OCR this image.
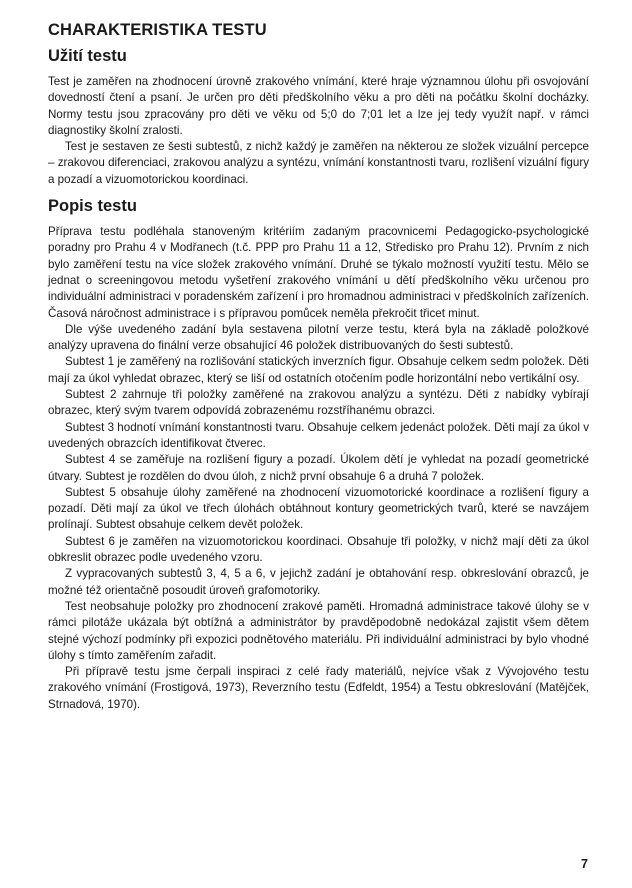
CHARAKTERISTIKA TESTU
Užití testu

Test je zaměřen na zhodnocení úrovně zrakového vnímání, které hraje významnou úlohu při osvojování dovedností čtení a psaní. Je určen pro děti předškolního věku a pro děti na počátku školní docházky. Normy testu jsou zpracovány pro děti ve věku od 5;0 do 7;01 let a lze jej tedy využít např. v rámci diagnostiky školní zralosti.

Test je sestaven ze šesti subtestů, z nichž každý je zaměřen na některou ze složek vizuální percepce – zrakovou diferenciaci, zrakovou analýzu a syntézu, vnímání konstantnosti tvaru, rozlišení vizuální figury a pozadí a vizuomotorickou koordinaci.

Popis testu

Příprava testu podléhala stanoveným kritériím zadaným pracovnicemi Pedagogicko-psychologické poradny pro Prahu 4 v Modřanech (t.č. PPP pro Prahu 11 a 12, Středisko pro Prahu 12). Prvním z nich bylo zaměření testu na více složek zrakového vnímání. Druhé se týkalo možností využití testu. Mělo se jednat o screeningovou metodu vyšetření zrakového vnímání u dětí předškolního věku určenou pro individuální administraci v poradenském zařízení i pro hromadnou administraci v předškolních zařízeních. Časová náročnost administrace i s přípravou pomůcek neměla překročit třicet minut.

Dle výše uvedeného zadání byla sestavena pilotní verze testu, která byla na základě položkové analýzy upravena do finální verze obsahující 46 položek distribuovaných do šesti subtestů.

Subtest 1 je zaměřený na rozlišování statických inverzních figur. Obsahuje celkem sedm položek. Děti mají za úkol vyhledat obrazec, který se liší od ostatních otočením podle horizontální nebo vertikální osy.

Subtest 2 zahrnuje tři položky zaměřené na zrakovou analýzu a syntézu. Děti z nabídky vybírají obrazec, který svým tvarem odpovídá zobrazenému rozstříhanému obrazci.

Subtest 3 hodnotí vnímání konstantnosti tvaru. Obsahuje celkem jedenáct položek. Děti mají za úkol v uvedených obrazcích identifikovat čtverec.

Subtest 4 se zaměřuje na rozlišení figury a pozadí. Úkolem dětí je vyhledat na pozadí geometrické útvary. Subtest je rozdělen do dvou úloh, z nichž první obsahuje 6 a druhá 7 položek.

Subtest 5 obsahuje úlohy zaměřené na zhodnocení vizuomotorické koordinace a rozlišení figury a pozadí. Děti mají za úkol ve třech úlohách obtáhnout kontury geometrických tvarů, které se navzájem prolínají. Subtest obsahuje celkem devět položek.

Subtest 6 je zaměřen na vizuomotorickou koordinaci. Obsahuje tři položky, v nichž mají děti za úkol obkreslit obrazec podle uvedeného vzoru.

Z vypracovaných subtestů 3, 4, 5 a 6, v jejichž zadání je obtahování resp. obkreslování obrazců, je možné též orientačně posoudit úroveň grafomotoriky.

Test neobsahuje položky pro zhodnocení zrakové paměti. Hromadná administrace takové úlohy se v rámci pilotáže ukázala být obtížná a administrátor by pravděpodobně nedokázal zajistit všem dětem stejné výchozí podmínky při expozici podnětového materiálu. Při individuální administraci by bylo vhodné úlohy s tímto zaměřením zařadit.

Při přípravě testu jsme čerpali inspiraci z celé řady materiálů, nejvíce však z Vývojového testu zrakového vnímání (Frostigová, 1973), Reverzního testu (Edfeldt, 1954) a Testu obkreslování (Matějček, Strnadová, 1970).

7
